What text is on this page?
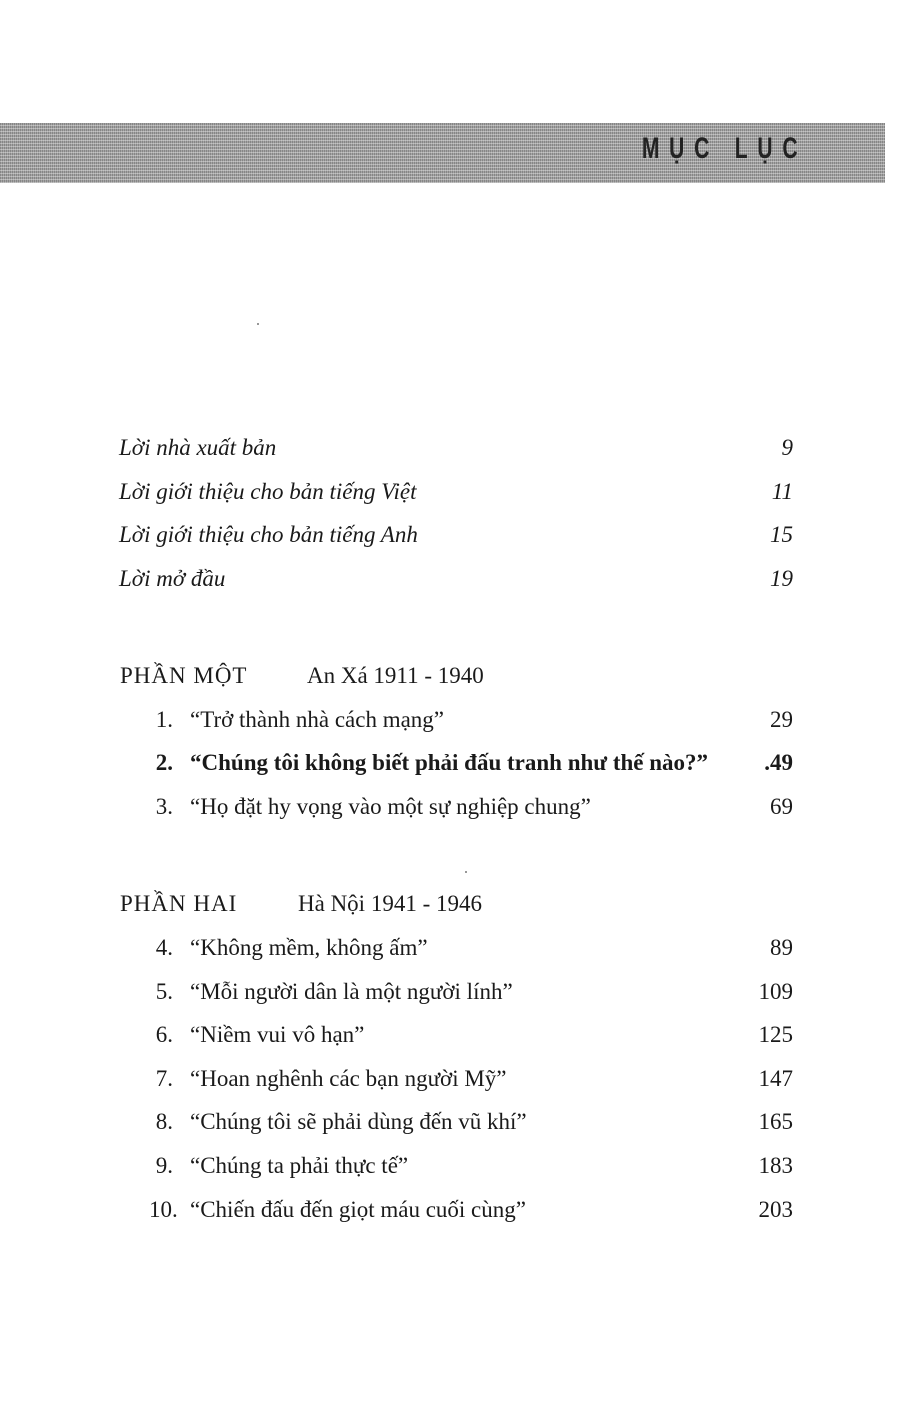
MỤC LỤC
Lời nhà xuất bản	9
Lời giới thiệu cho bản tiếng Việt	11
Lời giới thiệu cho bản tiếng Anh	15
Lời mở đầu	19
PHẦN MỘT	An Xá 1911 - 1940
1. “Trở thành nhà cách mạng”	29
2. “Chúng tôi không biết phải đấu tranh như thế nào?” .49
3. “Họ đặt hy vọng vào một sự nghiệp chung”	69
PHẦN HAI	Hà Nội 1941 - 1946
4. “Không mềm, không ấm”	89
5. “Mỗi người dân là một người lính”	109
6. “Niềm vui vô hạn”	125
7. “Hoan nghênh các bạn người Mỹ”	147
8. “Chúng tôi sẽ phải dùng đến vũ khí”	165
9. “Chúng ta phải thực tế”	183
10. “Chiến đấu đến giọt máu cuối cùng”	203
